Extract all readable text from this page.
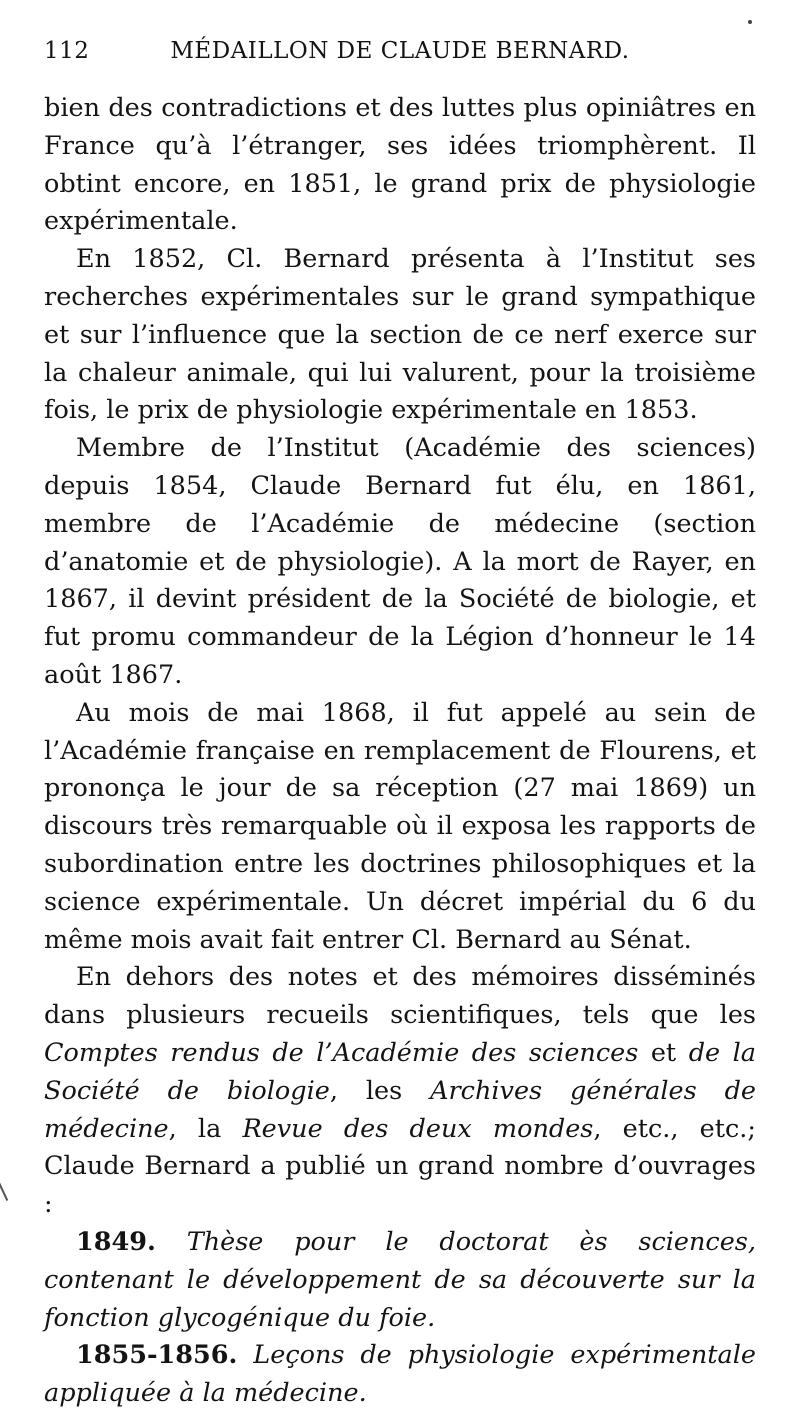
112	MÉDAILLON DE CLAUDE BERNARD.

bien des contradictions et des luttes plus opiniâtres en France qu’à l’étranger, ses idées triomphèrent. Il obtint encore, en 1851, le grand prix de physiologie expérimentale.

En 1852, Cl. Bernard présenta à l’Institut ses recherches expérimentales sur le grand sympathique et sur l’influence que la section de ce nerf exerce sur la chaleur animale, qui lui valurent, pour la troisième fois, le prix de physiologie expérimentale en 1853.

Membre de l’Institut (Académie des sciences) depuis 1854, Claude Bernard fut élu, en 1861, membre de l’Académie de médecine (section d’anatomie et de physiologie). A la mort de Rayer, en 1867, il devint président de la Société de biologie, et fut promu commandeur de la Légion d’honneur le 14 août 1867.

Au mois de mai 1868, il fut appelé au sein de l’Académie française en remplacement de Flourens, et prononça le jour de sa réception (27 mai 1869) un discours très remarquable où il exposa les rapports de subordination entre les doctrines philosophiques et la science expérimentale. Un décret impérial du 6 du même mois avait fait entrer Cl. Bernard au Sénat.

En dehors des notes et des mémoires disséminés dans plusieurs recueils scientifiques, tels que les Comptes rendus de l’Académie des sciences et de la Société de biologie, les Archives générales de médecine, la Revue des deux mondes, etc., etc.; Claude Bernard a publié un grand nombre d’ouvrages :

1849. Thèse pour le doctorat ès sciences, contenant le développement de sa découverte sur la fonction glycogénique du foie.

1855-1856. Leçons de physiologie expérimentale appliquée à la médecine.
